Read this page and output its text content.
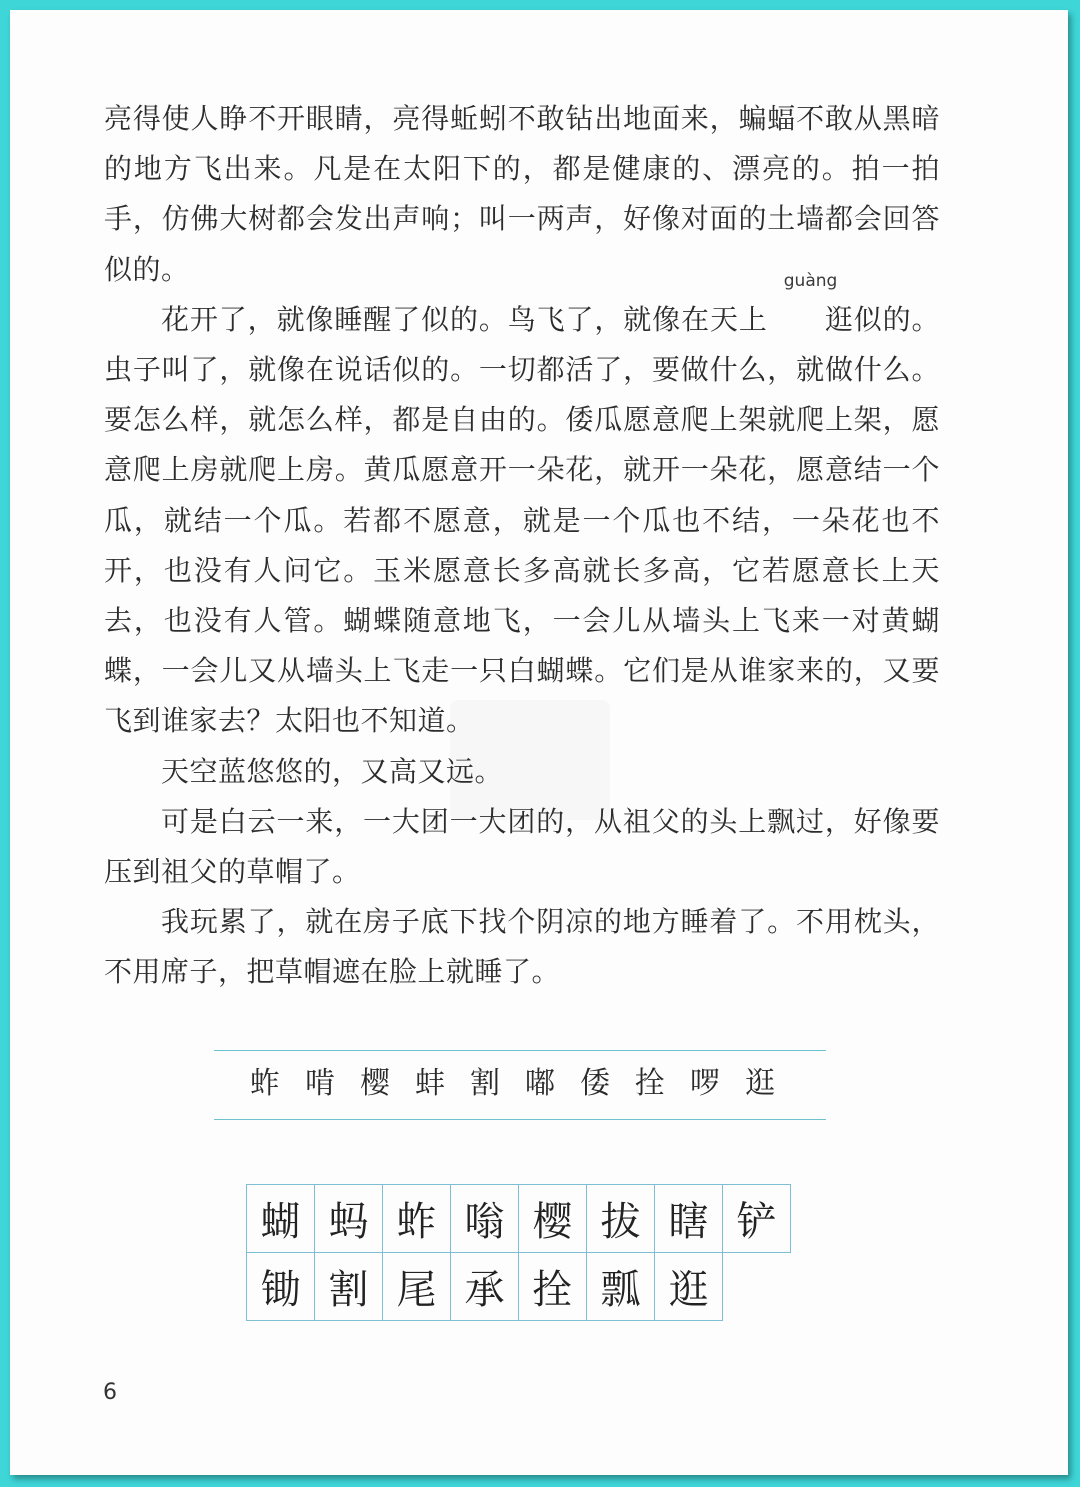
亮得使人睁不开眼睛，亮得蚯蚓不敢钻出地面来，蝙蝠不敢从黑暗的地方飞出来。凡是在太阳下的，都是健康的、漂亮的。拍一拍手，仿佛大树都会发出声响；叫一两声，好像对面的土墙都会回答似的。

花开了，就像睡醒了似的。鸟飞了，就像在天上
guàng
逛似的。虫子叫了，就像在说话似的。一切都活了，要做什么，就做什么。要怎么样，就怎么样，都是自由的。倭瓜愿意爬上架就爬上架，愿意爬上房就爬上房。黄瓜愿意开一朵花，就开一朵花，愿意结一个瓜，就结一个瓜。若都不愿意，就是一个瓜也不结，一朵花也不开，也没有人问它。玉米愿意长多高就长多高，它若愿意长上天去，也没有人管。蝴蝶随意地飞，一会儿从墙头上飞来一对黄蝴蝶，一会儿又从墙头上飞走一只白蝴蝶。它们是从谁家来的，又要飞到谁家去？太阳也不知道。

天空蓝悠悠的，又高又远。

可是白云一来，一大团一大团的，从祖父的头上飘过，好像要压到祖父的草帽了。

我玩累了，就在房子底下找个阴凉的地方睡着了。不用枕头，不用席子，把草帽遮在脸上就睡了。

蚱 啃 樱 蚌 割 嘟 倭 拴 啰 逛
蝴 蚂 蚱 嗡 樱 拔 瞎 铲
锄 割 尾 承 拴 瓢 逛
6
